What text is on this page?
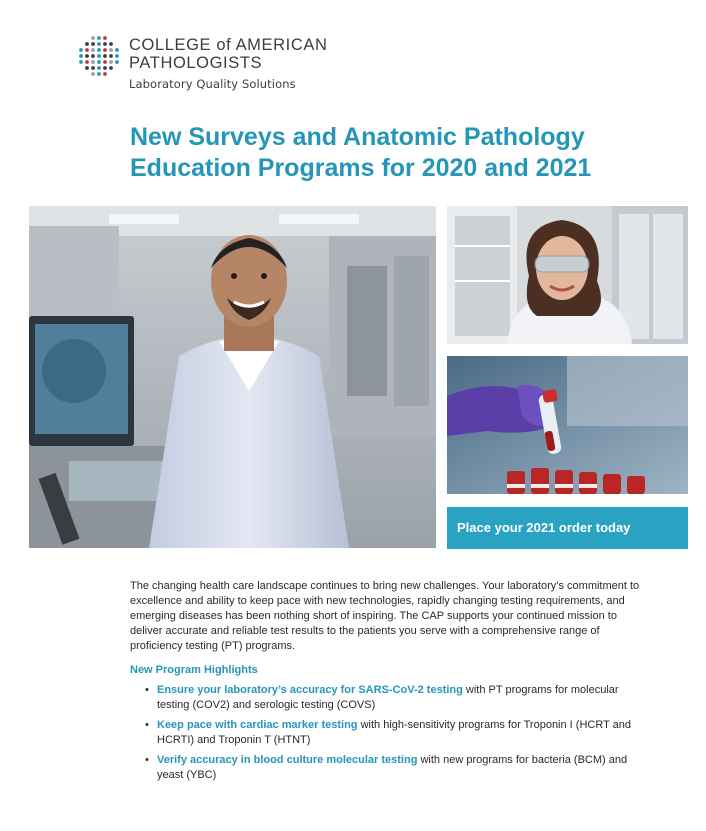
COLLEGE of AMERICAN
PATHOLOGISTS
Laboratory Quality Solutions
New Surveys and Anatomic Pathology Education Programs for 2020 and 2021
Place your 2021 order today

The changing health care landscape continues to bring new challenges. Your laboratory’s commitment to excellence and ability to keep pace with new technologies, rapidly changing testing requirements, and emerging diseases has been nothing short of inspiring. The CAP supports your continued mission to deliver accurate and reliable test results to the patients you serve with a comprehensive range of proficiency testing (PT) programs.

New Program Highlights
• Ensure your laboratory’s accuracy for SARS-CoV-2 testing with PT programs for molecular testing (COV2) and serologic testing (COVS)
• Keep pace with cardiac marker testing with high-sensitivity programs for Troponin I (HCRT and HCRTI) and Troponin T (HTNT)
• Verify accuracy in blood culture molecular testing with new programs for bacteria (BCM) and yeast (YBC)
